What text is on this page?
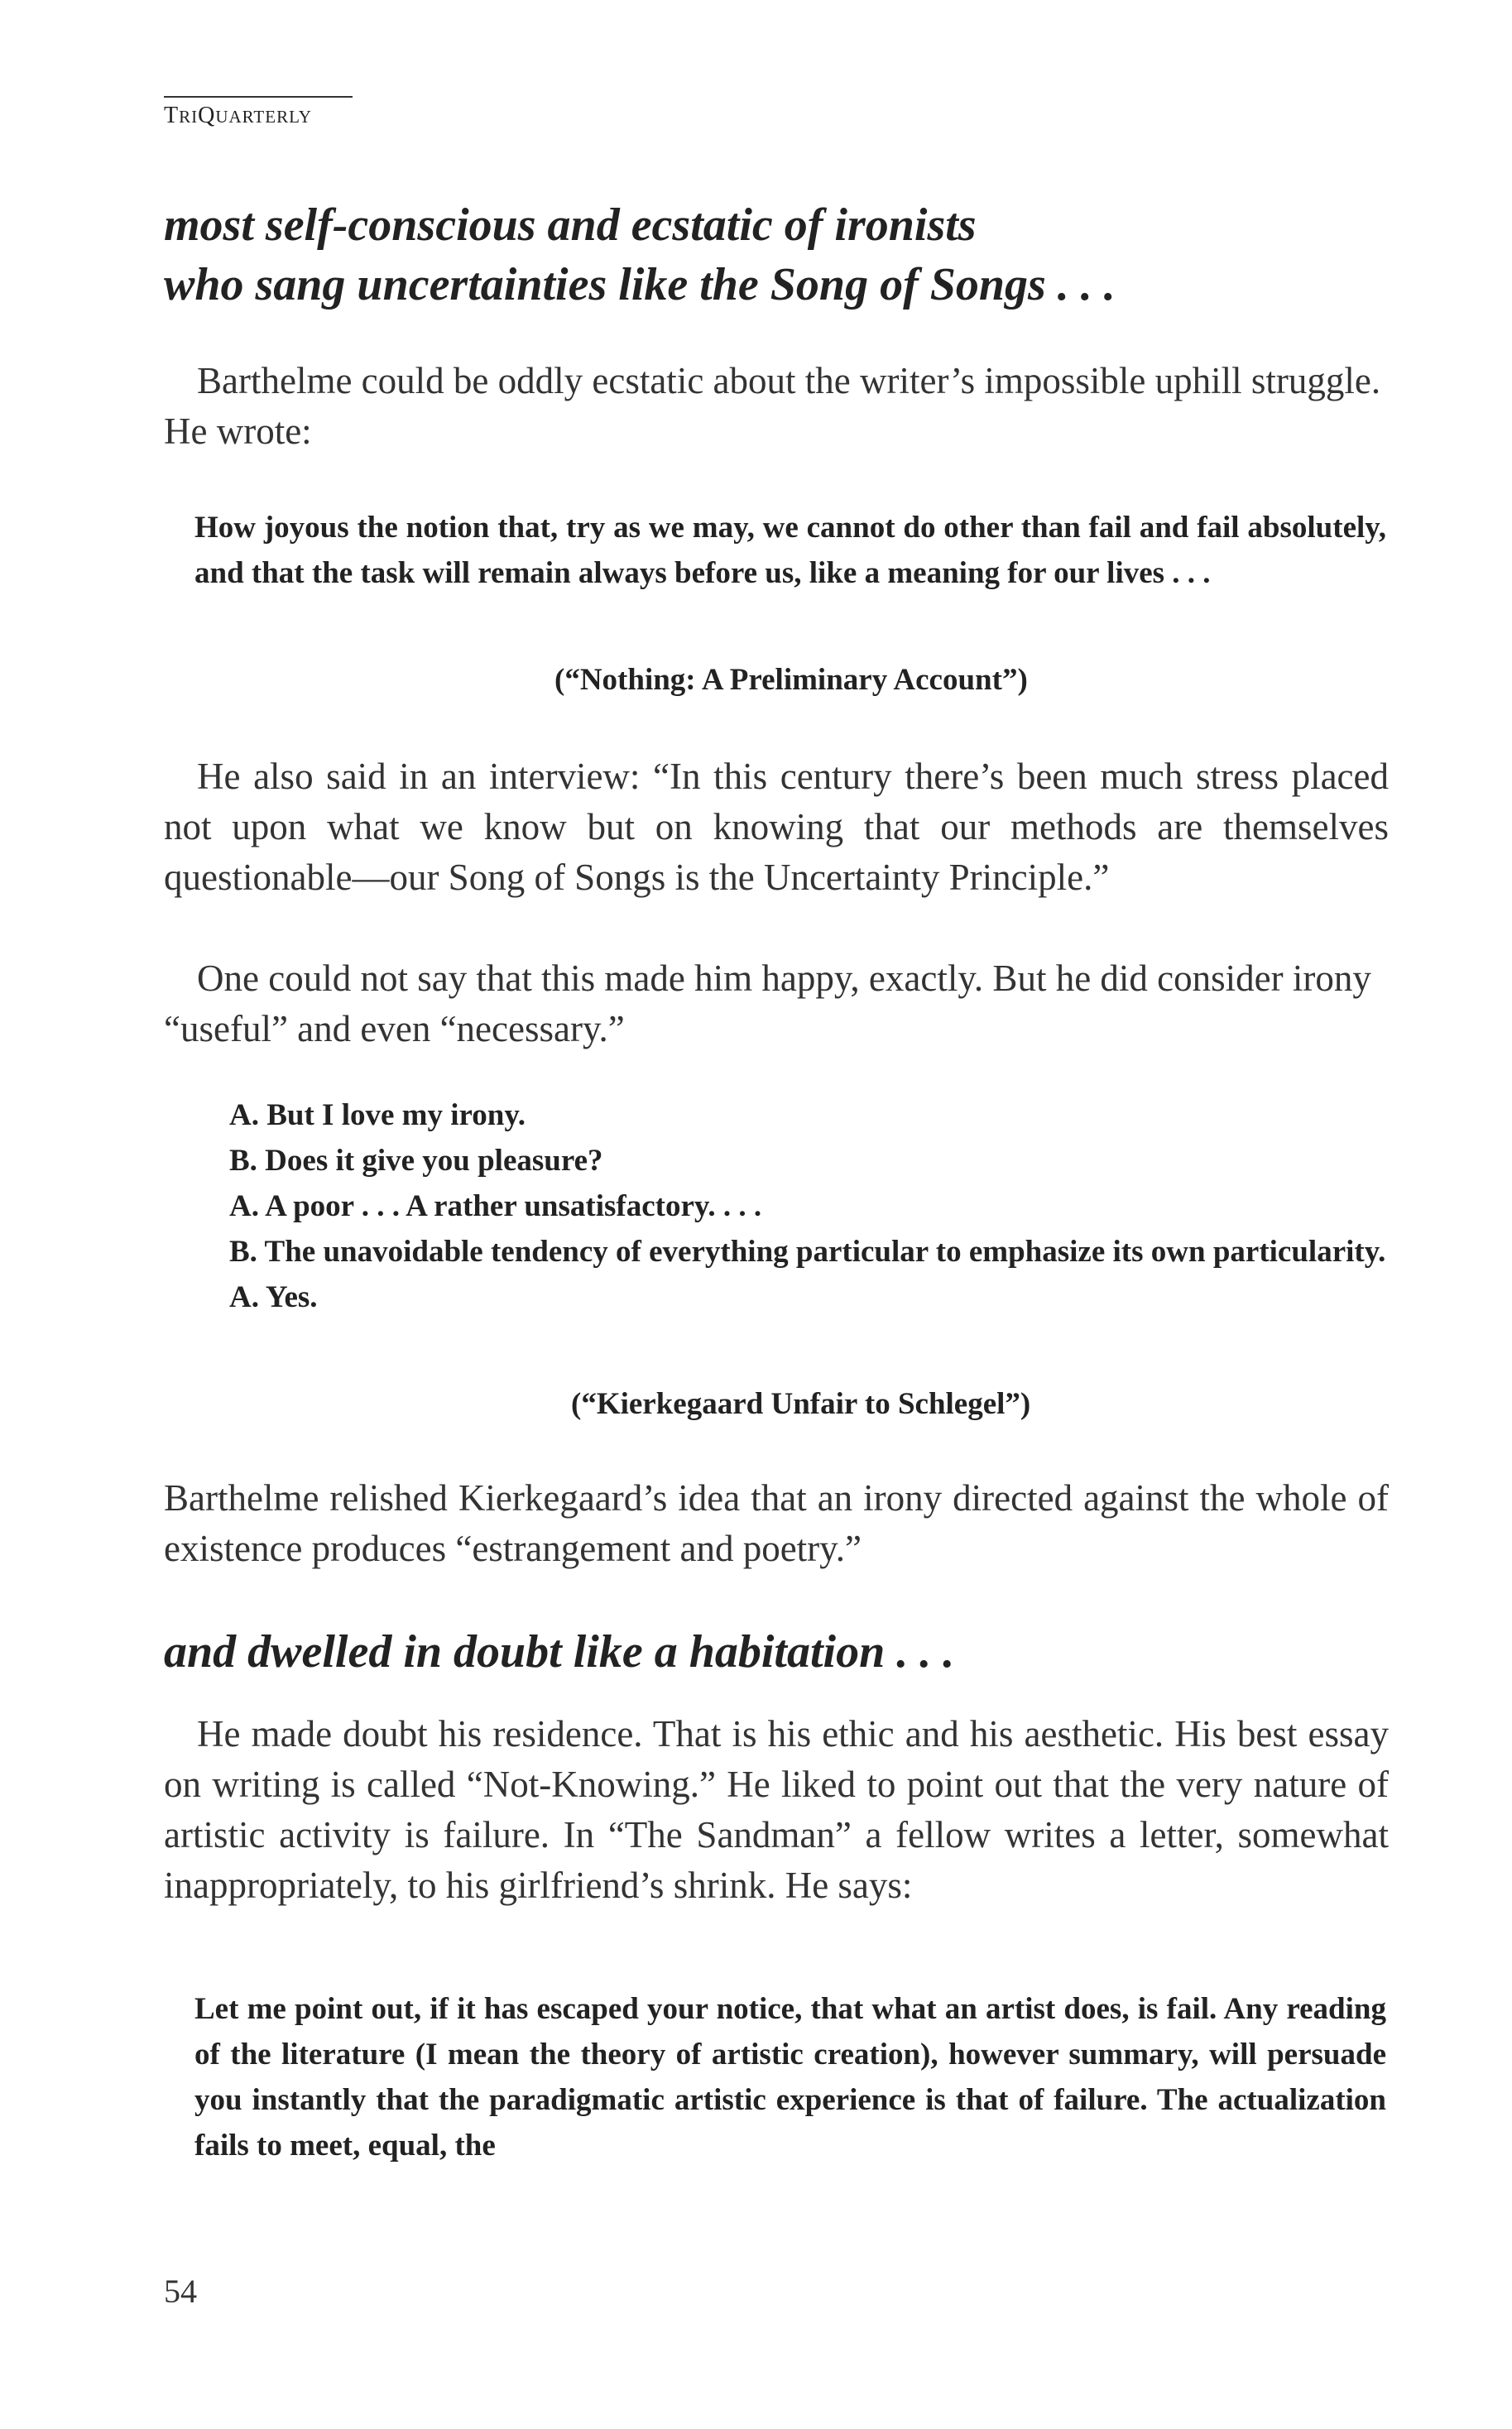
TRIQUARTERLY
most self-conscious and ecstatic of ironists
who sang uncertainties like the Song of Songs . . .

Barthelme could be oddly ecstatic about the writer’s impossible uphill struggle. He wrote:

How joyous the notion that, try as we may, we cannot do other than fail and fail absolutely, and that the task will remain always before us, like a meaning for our lives . . .

(“Nothing: A Preliminary Account”)

He also said in an interview: “In this century there’s been much stress placed not upon what we know but on knowing that our methods are themselves questionable—our Song of Songs is the Uncertainty Principle.”

One could not say that this made him happy, exactly. But he did consider irony “useful” and even “necessary.”

A. But I love my irony.
B. Does it give you pleasure?
A. A poor . . . A rather unsatisfactory. . . .
B. The unavoidable tendency of everything particular to emphasize its own particularity.
A. Yes.

(“Kierkegaard Unfair to Schlegel”)

Barthelme relished Kierkegaard’s idea that an irony directed against the whole of existence produces “estrangement and poetry.”

and dwelled in doubt like a habitation . . .

He made doubt his residence. That is his ethic and his aesthetic. His best essay on writing is called “Not-Knowing.” He liked to point out that the very nature of artistic activity is failure. In “The Sandman” a fellow writes a letter, somewhat inappropriately, to his girlfriend’s shrink. He says:

Let me point out, if it has escaped your notice, that what an artist does, is fail. Any reading of the literature (I mean the theory of artistic creation), however summary, will persuade you instantly that the paradigmatic artistic experience is that of failure. The actualization fails to meet, equal, the

54
